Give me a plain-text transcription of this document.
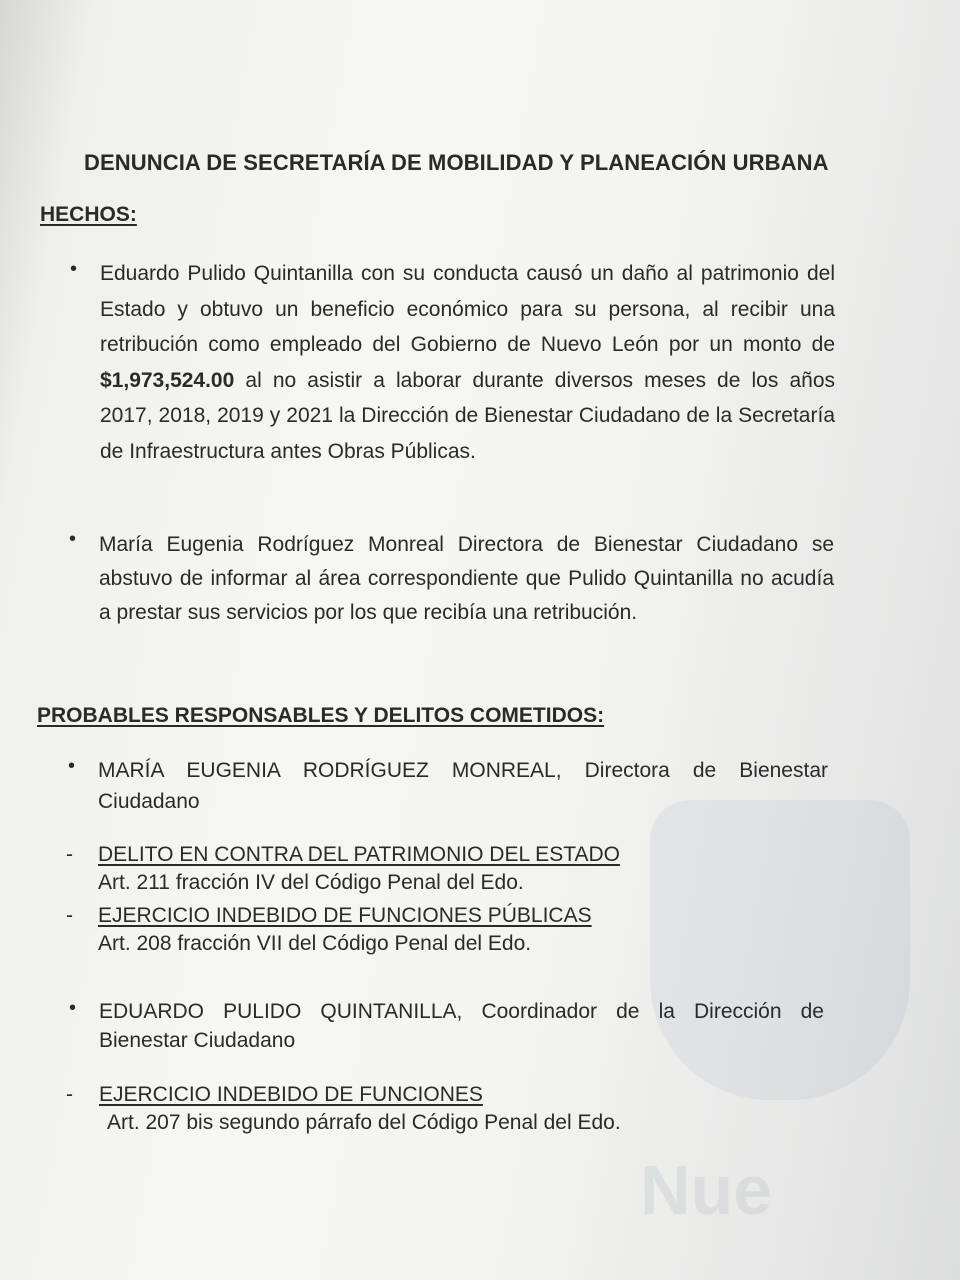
Nue
DENUNCIA DE SECRETARÍA DE MOBILIDAD Y PLANEACIÓN URBANA
HECHOS:
• Eduardo Pulido Quintanilla con su conducta causó un daño al patrimonio del Estado y obtuvo un beneficio económico para su persona, al recibir una retribución como empleado del Gobierno de Nuevo León por un monto de $1,973,524.00 al no asistir a laborar durante diversos meses de los años 2017, 2018, 2019 y 2021 la Dirección de Bienestar Ciudadano de la Secretaría de Infraestructura antes Obras Públicas.

• María Eugenia Rodríguez Monreal Directora de Bienestar Ciudadano se abstuvo de informar al área correspondiente que Pulido Quintanilla no acudía a prestar sus servicios por los que recibía una retribución.

PROBABLES RESPONSABLES Y DELITOS COMETIDOS:
• MARÍA EUGENIA RODRÍGUEZ MONREAL, Directora de Bienestar Ciudadano

- DELITO EN CONTRA DEL PATRIMONIO DEL ESTADO

Art. 211 fracción IV del Código Penal del Edo.

- EJERCICIO INDEBIDO DE FUNCIONES PÚBLICAS

Art. 208 fracción VII del Código Penal del Edo.

• EDUARDO PULIDO QUINTANILLA, Coordinador de la Dirección de Bienestar Ciudadano

- EJERCICIO INDEBIDO DE FUNCIONES

Art. 207 bis segundo párrafo del Código Penal del Edo.
